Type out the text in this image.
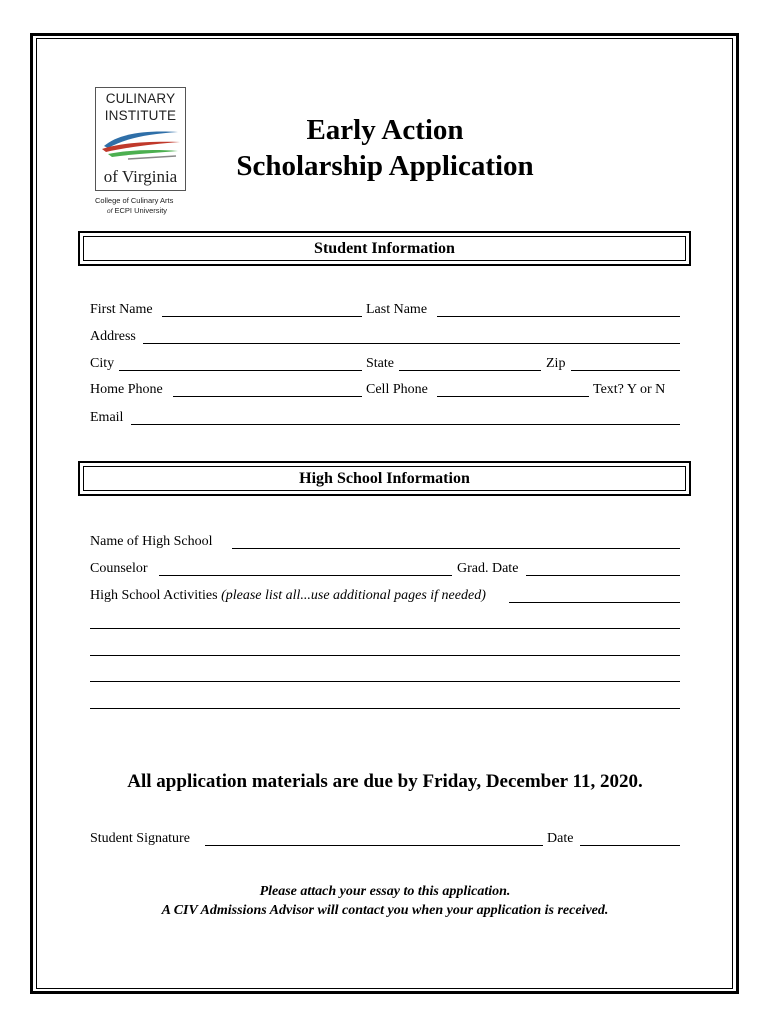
CULINARY
INSTITUTE
of Virginia
College of Culinary Arts
of ECPI University
Early Action
Scholarship Application
Student Information
First Name	Last Name
Address
City	State	Zip
Home Phone	Cell Phone	Text? Y or N
Email
High School Information
Name of High School
Counselor	Grad. Date
High School Activities (please list all...use additional pages if needed)
All application materials are due by Friday, December 11, 2020.
Student Signature	Date
Please attach your essay to this application.
A CIV Admissions Advisor will contact you when your application is received.
